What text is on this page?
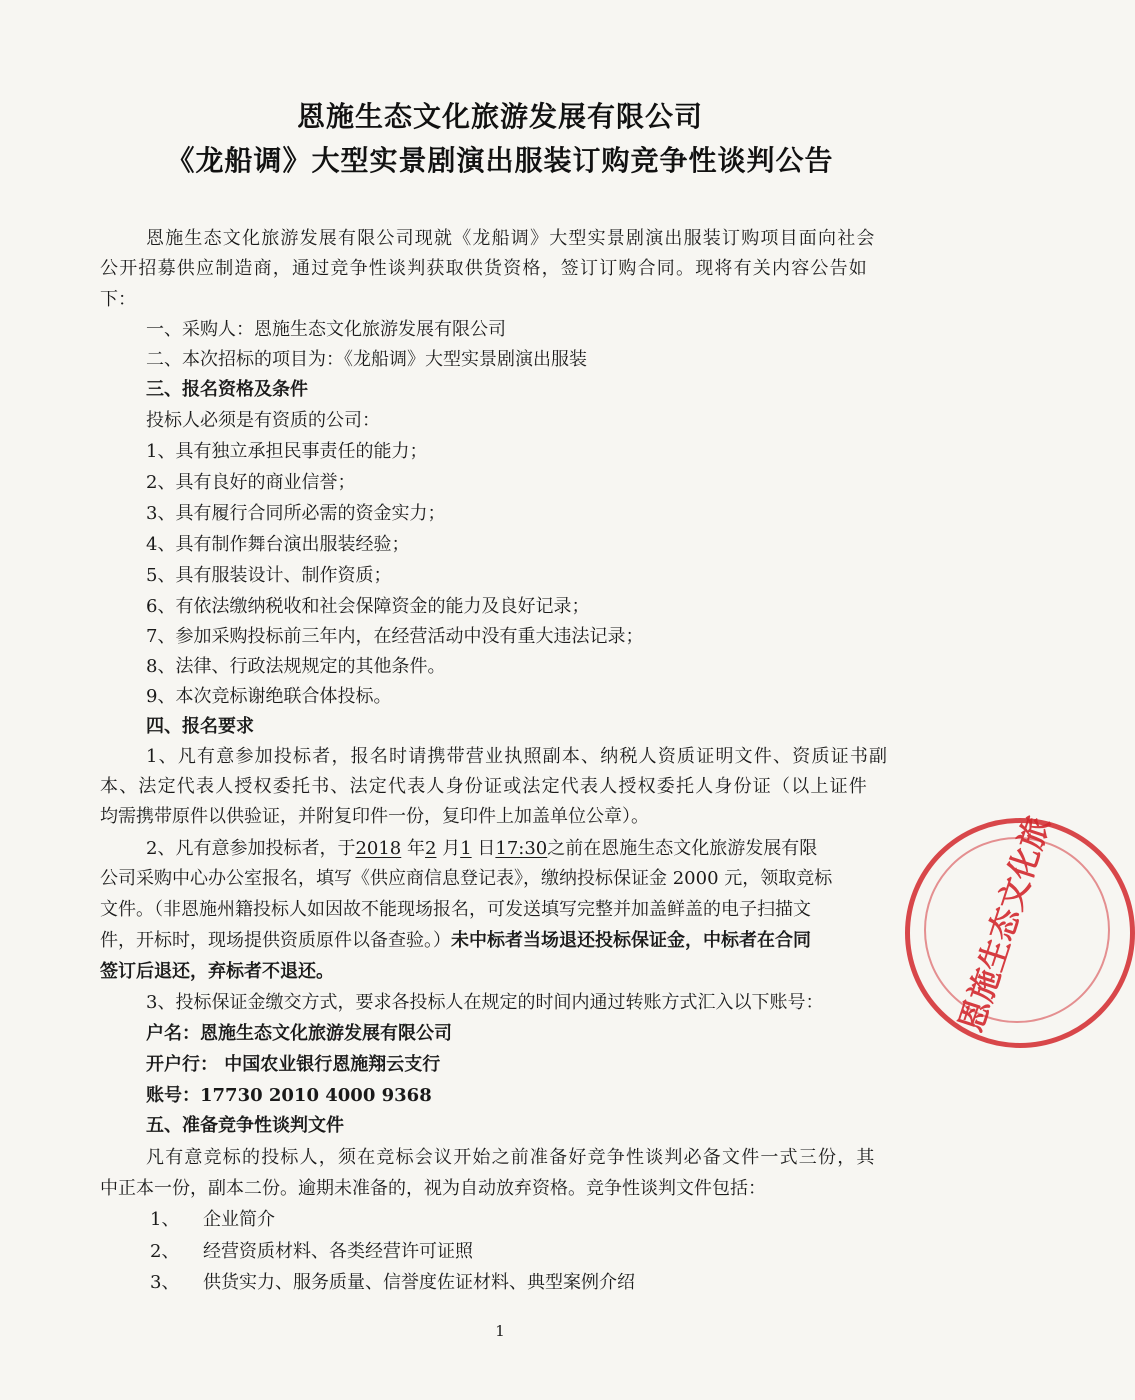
恩施生态文化旅游发展有限公司
《龙船调》大型实景剧演出服装订购竞争性谈判公告
恩施生态文化旅游发展有限公司现就《龙船调》大型实景剧演出服装订购项目面向社会
公开招募供应制造商，通过竞争性谈判获取供货资格，签订订购合同。现将有关内容公告如
下：
一、采购人：恩施生态文化旅游发展有限公司
二、本次招标的项目为：《龙船调》大型实景剧演出服装
三、报名资格及条件
投标人必须是有资质的公司：
1、具有独立承担民事责任的能力；
2、具有良好的商业信誉；
3、具有履行合同所必需的资金实力；
4、具有制作舞台演出服装经验；
5、具有服装设计、制作资质；
6、有依法缴纳税收和社会保障资金的能力及良好记录；
7、参加采购投标前三年内，在经营活动中没有重大违法记录；
8、法律、行政法规规定的其他条件。
9、本次竞标谢绝联合体投标。
四、报名要求
1、凡有意参加投标者，报名时请携带营业执照副本、纳税人资质证明文件、资质证书副
本、法定代表人授权委托书、法定代表人身份证或法定代表人授权委托人身份证（以上证件
均需携带原件以供验证，并附复印件一份，复印件上加盖单位公章）。
2、凡有意参加投标者，于2018 年2 月1 日17:30之前在恩施生态文化旅游发展有限
公司采购中心办公室报名，填写《供应商信息登记表》，缴纳投标保证金 2000 元，领取竞标
文件。（非恩施州籍投标人如因故不能现场报名，可发送填写完整并加盖鲜盖的电子扫描文
件，开标时，现场提供资质原件以备查验。）未中标者当场退还投标保证金，中标者在合同
签订后退还，弃标者不退还。
3、投标保证金缴交方式，要求各投标人在规定的时间内通过转账方式汇入以下账号：
户名：恩施生态文化旅游发展有限公司
开户行： 中国农业银行恩施翔云支行
账号：17730 2010 4000 9368
五、准备竞争性谈判文件
凡有意竞标的投标人，须在竞标会议开始之前准备好竞争性谈判必备文件一式三份，其
中正本一份，副本二份。逾期未准备的，视为自动放弃资格。竞争性谈判文件包括：
1、 企业简介
2、 经营资质材料、各类经营许可证照
3、 供货实力、服务质量、信誉度佐证材料、典型案例介绍
1
恩施生态文化旅
